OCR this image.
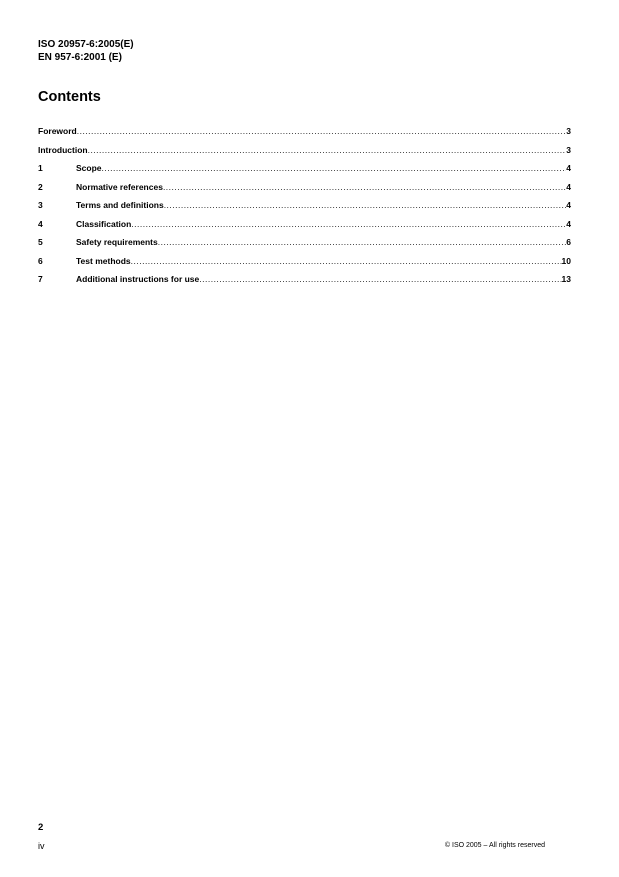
ISO 20957-6:2005(E)
EN 957-6:2001 (E)
Contents
Foreword .....	3
Introduction .....	3
1	Scope .....	4
2	Normative references .....	4
3	Terms and definitions .....	4
4	Classification .....	4
5	Safety requirements .....	6
6	Test methods .....	10
7	Additional instructions for use .....	13
2
iv	© ISO 2005 – All rights reserved
